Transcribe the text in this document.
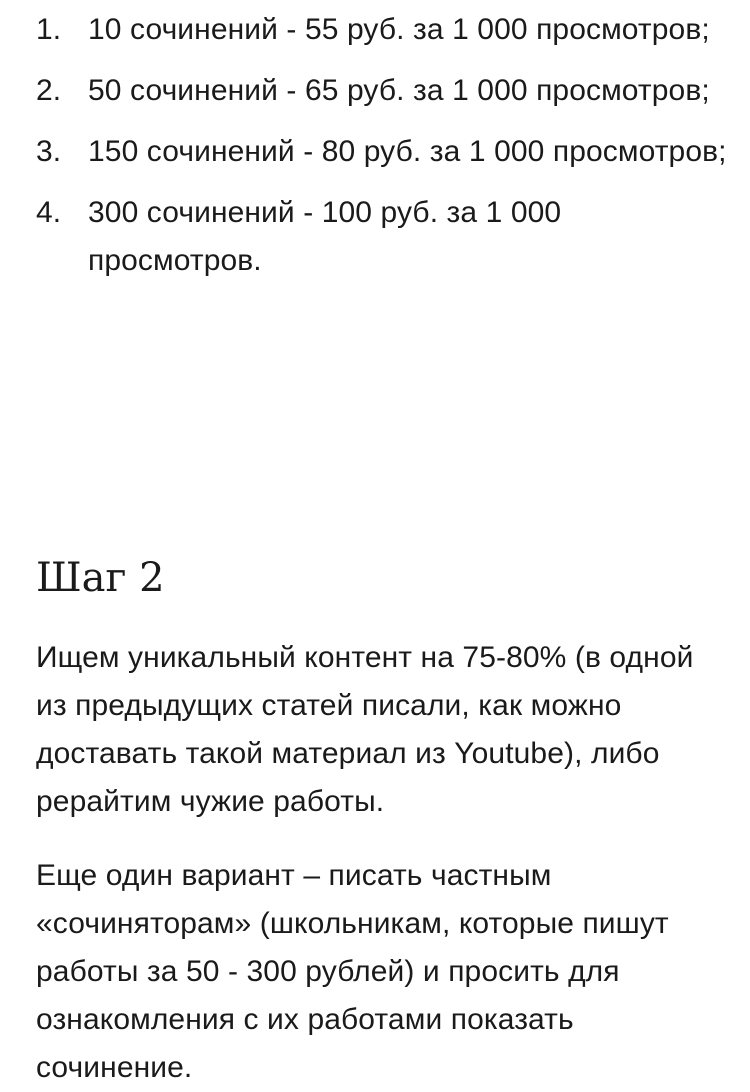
1. 10 сочинений - 55 руб. за 1 000 просмотров;
2. 50 сочинений - 65 руб. за 1 000 просмотров;
3. 150 сочинений - 80 руб. за 1 000 просмотров;
4. 300 сочинений - 100 руб. за 1 000 просмотров.
Шаг 2

Ищем уникальный контент на 75-80% (в одной из предыдущих статей писали, как можно доставать такой материал из Youtube), либо рерайтим чужие работы.

Еще один вариант – писать частным «сочиняторам» (школьникам, которые пишут работы за 50 - 300 рублей) и просить для ознакомления с их работами показать сочинение.
